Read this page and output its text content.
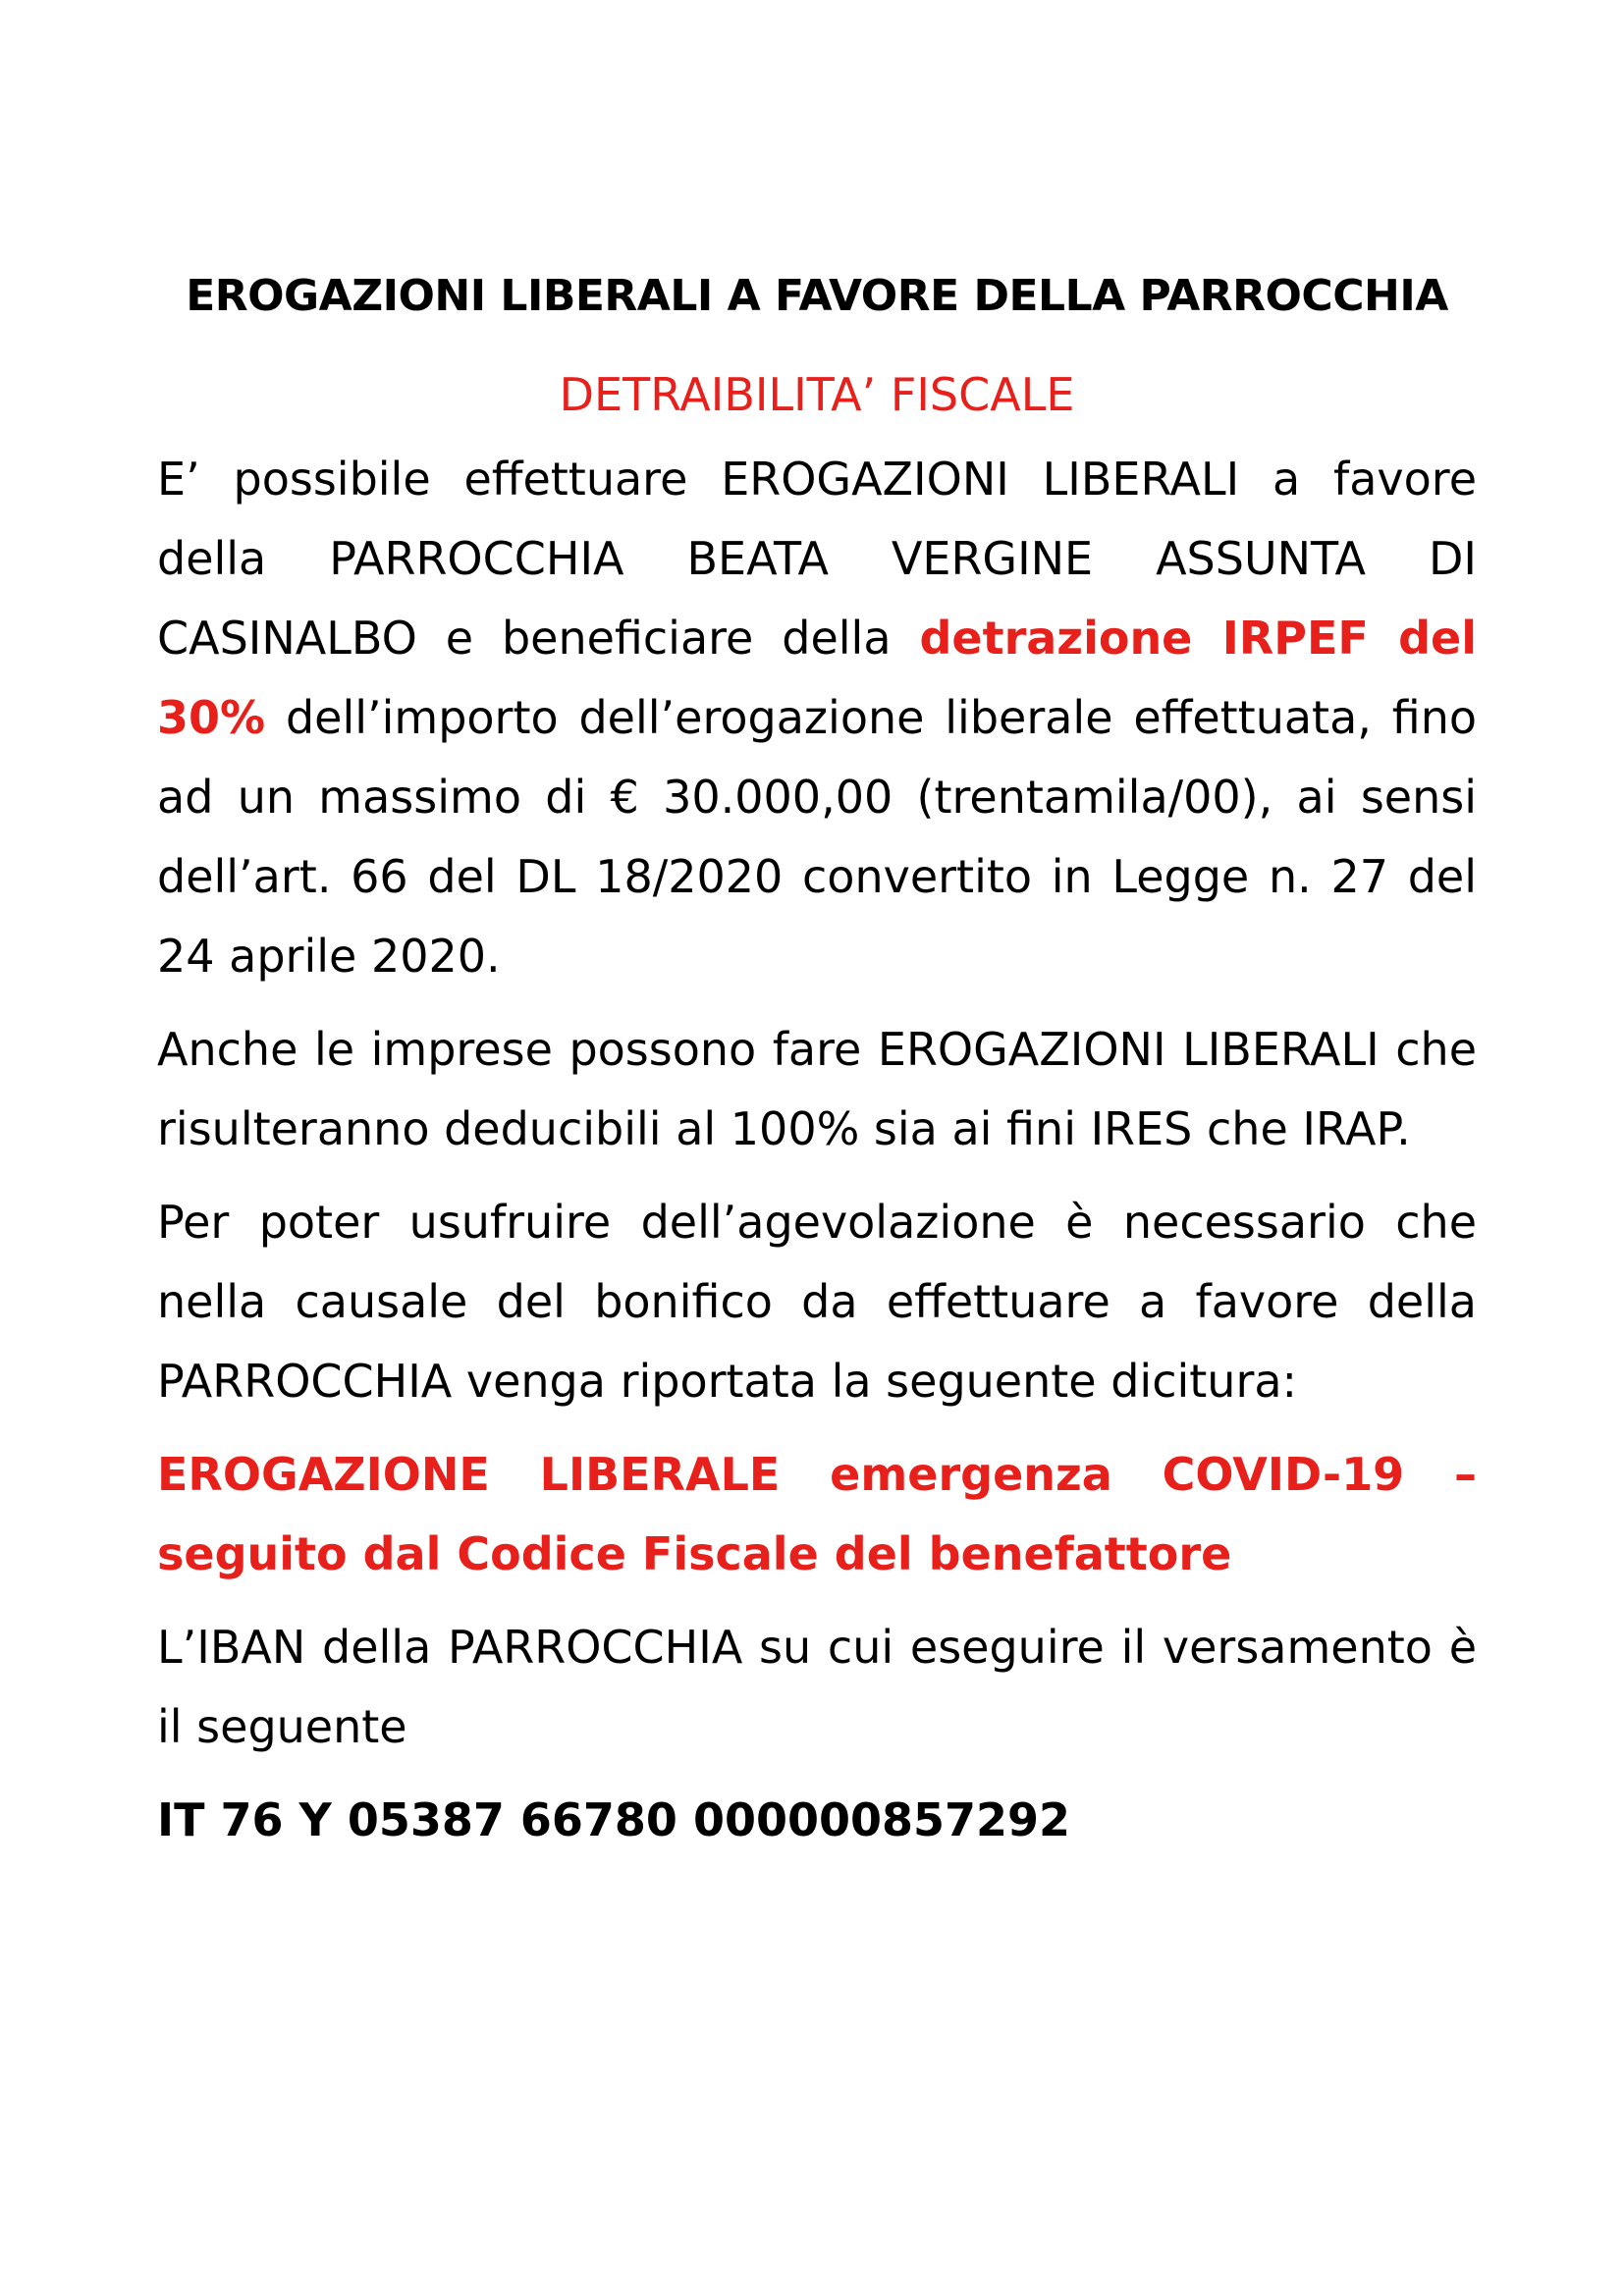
EROGAZIONI LIBERALI A FAVORE DELLA PARROCCHIA
DETRAIBILITA’ FISCALE

E’ possibile effettuare EROGAZIONI LIBERALI a favore della PARROCCHIA BEATA VERGINE ASSUNTA DI CASINALBO e beneficiare della detrazione IRPEF del 30% dell’importo dell’erogazione liberale effettuata, fino ad un massimo di € 30.000,00 (trentamila/00), ai sensi dell’art. 66 del DL 18/2020 convertito in Legge n. 27 del 24 aprile 2020.

Anche le imprese possono fare EROGAZIONI LIBERALI che risulteranno deducibili al 100% sia ai fini IRES che IRAP.

Per poter usufruire dell’agevolazione è necessario che nella causale del bonifico da effettuare a favore della PARROCCHIA venga riportata la seguente dicitura:

EROGAZIONE LIBERALE emergenza COVID-19 – seguito dal Codice Fiscale del benefattore

L’IBAN della PARROCCHIA su cui eseguire il versamento è il seguente

IT 76 Y 05387 66780 000000857292
